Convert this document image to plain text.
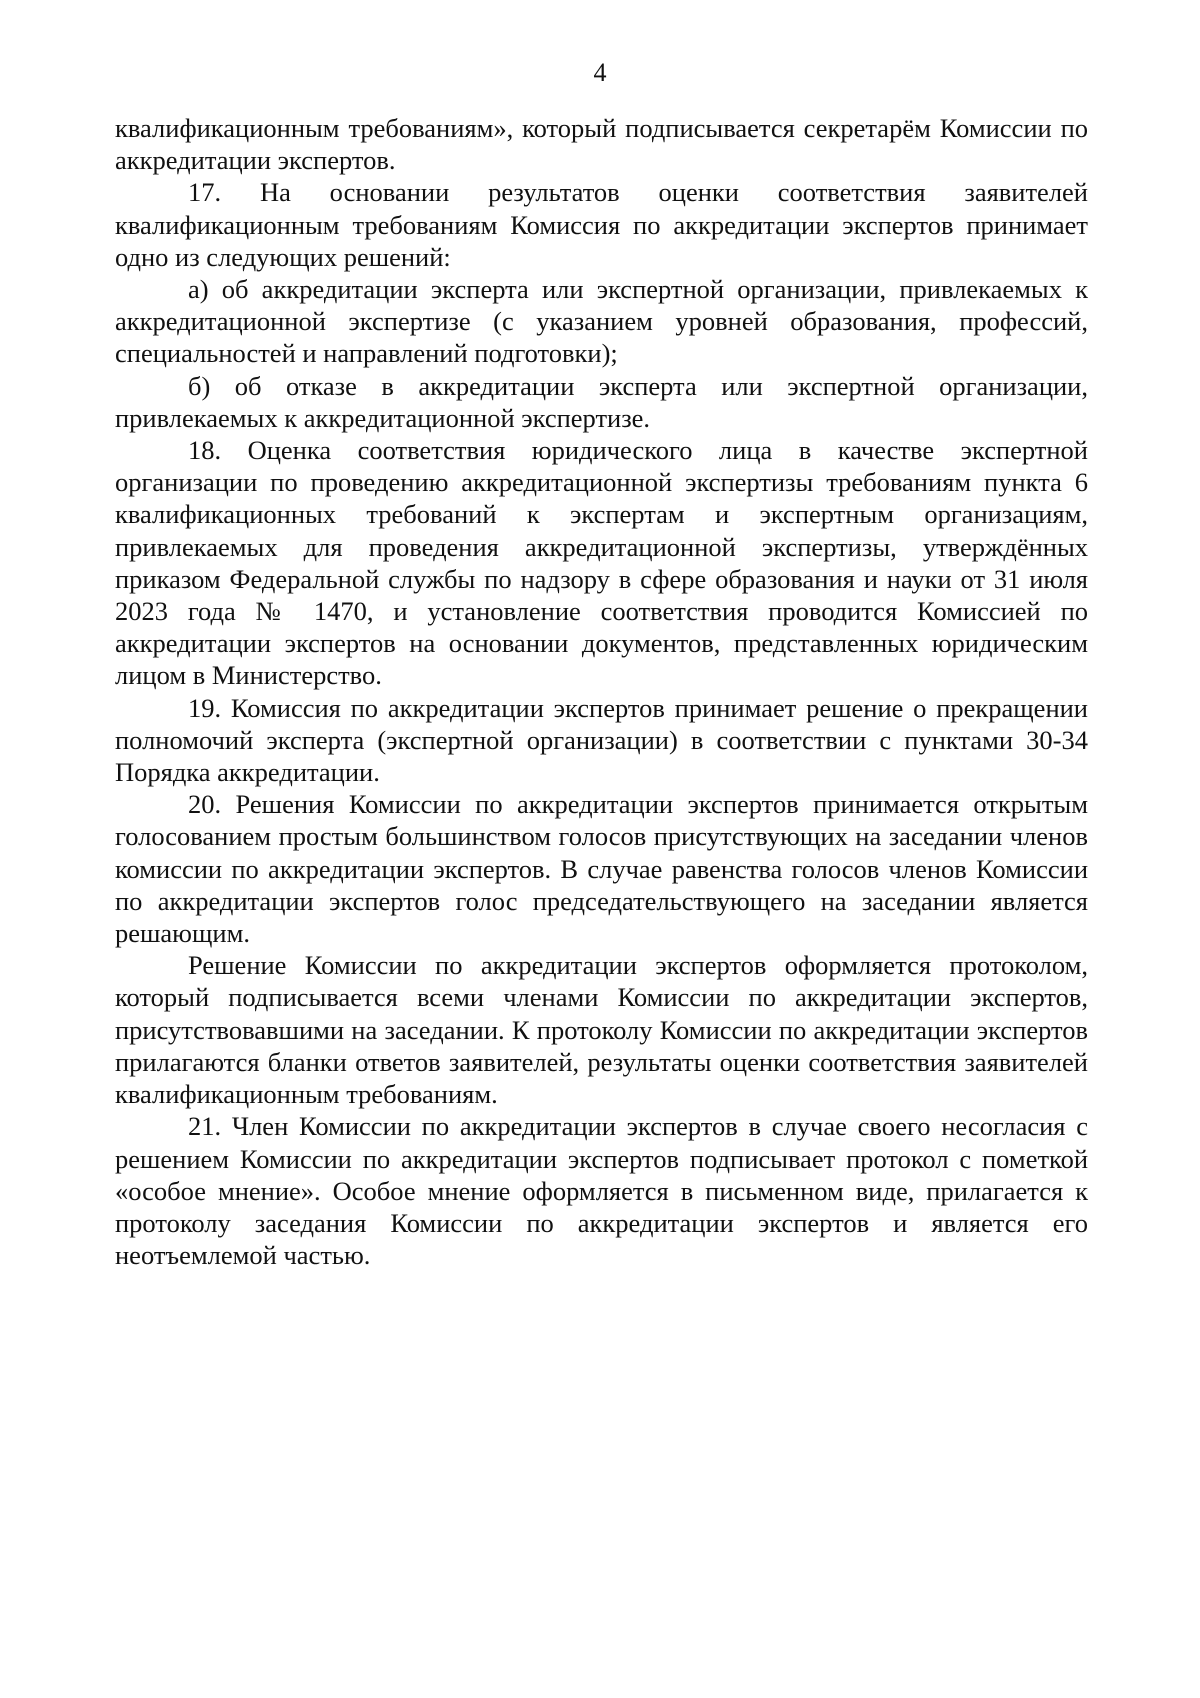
4

квалификационным требованиям», который подписывается секретарём Комиссии по аккредитации экспертов.

17. На основании результатов оценки соответствия заявителей квалификационным требованиям Комиссия по аккредитации экспертов принимает одно из следующих решений:

а) об аккредитации эксперта или экспертной организации, привлекаемых к аккредитационной экспертизе (с указанием уровней образования, профессий, специальностей и направлений подготовки);

б) об отказе в аккредитации эксперта или экспертной организации, привлекаемых к аккредитационной экспертизе.

18. Оценка соответствия юридического лица в качестве экспертной организации по проведению аккредитационной экспертизы требованиям пункта 6 квалификационных требований к экспертам и экспертным организациям, привлекаемых для проведения аккредитационной экспертизы, утверждённых приказом Федеральной службы по надзору в сфере образования и науки от 31 июля 2023 года № 1470, и установление соответствия проводится Комиссией по аккредитации экспертов на основании документов, представленных юридическим лицом в Министерство.

19. Комиссия по аккредитации экспертов принимает решение о прекращении полномочий эксперта (экспертной организации) в соответствии с пунктами 30-34 Порядка аккредитации.

20. Решения Комиссии по аккредитации экспертов принимается открытым голосованием простым большинством голосов присутствующих на заседании членов комиссии по аккредитации экспертов. В случае равенства голосов членов Комиссии по аккредитации экспертов голос председательствующего на заседании является решающим.

Решение Комиссии по аккредитации экспертов оформляется протоколом, который подписывается всеми членами Комиссии по аккредитации экспертов, присутствовавшими на заседании. К протоколу Комиссии по аккредитации экспертов прилагаются бланки ответов заявителей, результаты оценки соответствия заявителей квалификационным требованиям.

21. Член Комиссии по аккредитации экспертов в случае своего несогласия с решением Комиссии по аккредитации экспертов подписывает протокол с пометкой «особое мнение». Особое мнение оформляется в письменном виде, прилагается к протоколу заседания Комиссии по аккредитации экспертов и является его неотъемлемой частью.
